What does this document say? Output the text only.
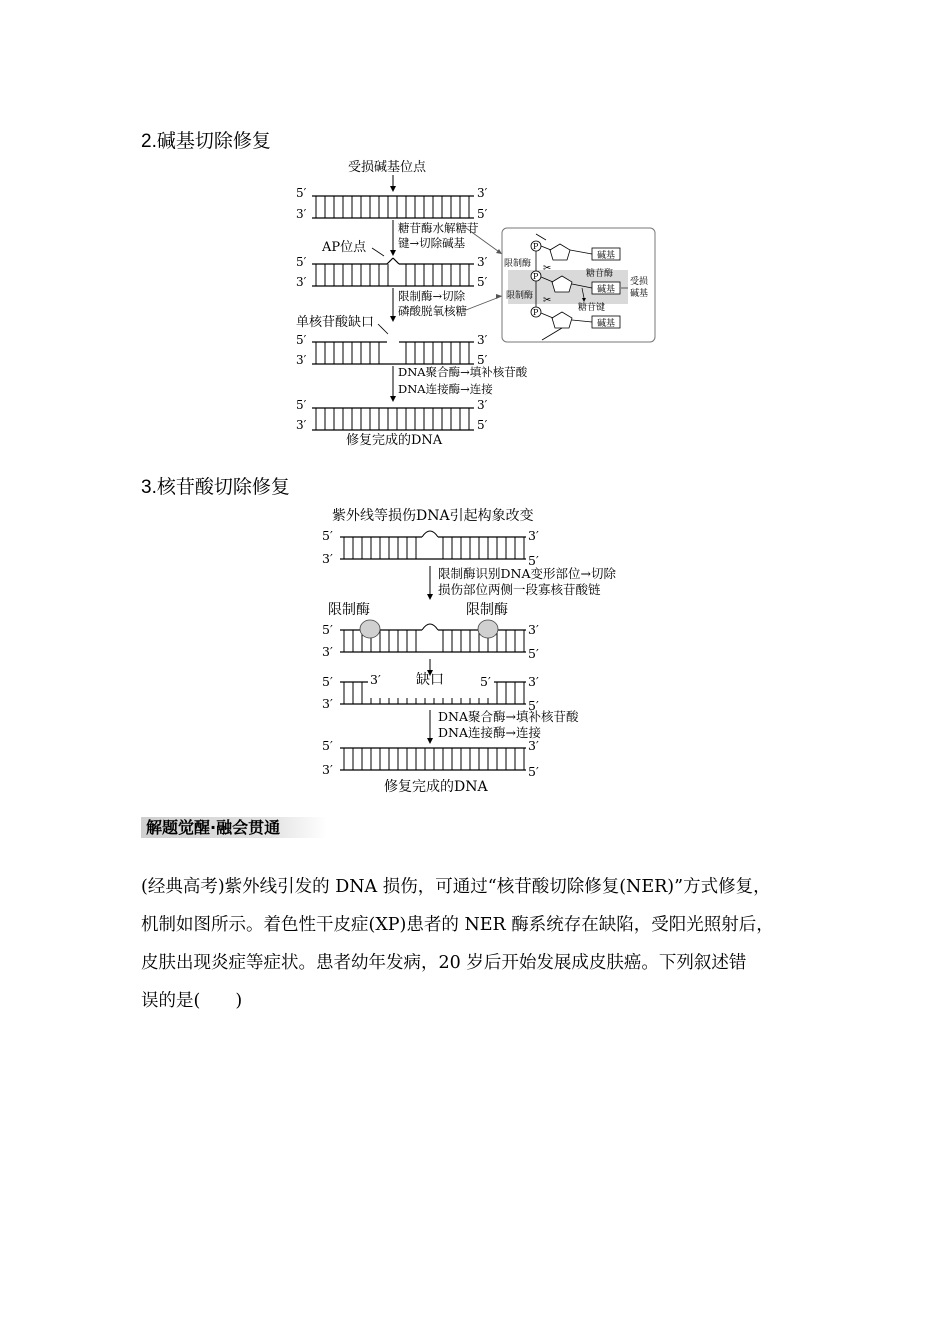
2.碱基切除修复
受损碱基位点
5′	3′
3′	5′
糖苷酶水解糖苷
键→切除碱基
AP位点
5′	3′
3′	5′
限制酶→切除
磷酸脱氧核糖
单核苷酸缺口
5′	3′
3′	5′
DNA聚合酶→填补核苷酸
DNA连接酶→连接
5′	3′
3′	5′
修复完成的DNA
P
碱基
P
碱基
限制酶
限制酶
糖苷酶
糖苷键
受损
碱基
✂
✂
P
碱基
3.核苷酸切除修复
紫外线等损伤DNA引起构象改变
5′	3′
3′	5′
限制酶识别DNA变形部位→切除
损伤部位两侧一段寡核苷酸链
限制酶	限制酶
5′	3′
3′	5′
5′	3′	缺口	5′	3′
3′	5′
DNA聚合酶→填补核苷酸
DNA连接酶→连接
5′	3′
3′	5′
修复完成的DNA
解题觉醒·融会贯通
(经典高考)紫外线引发的 DNA 损伤，可通过“核苷酸切除修复(NER)”方式修复，
机制如图所示。着色性干皮症(XP)患者的 NER 酶系统存在缺陷，受阳光照射后，
皮肤出现炎症等症状。患者幼年发病，20 岁后开始发展成皮肤癌。下列叙述错
误的是(　　)
